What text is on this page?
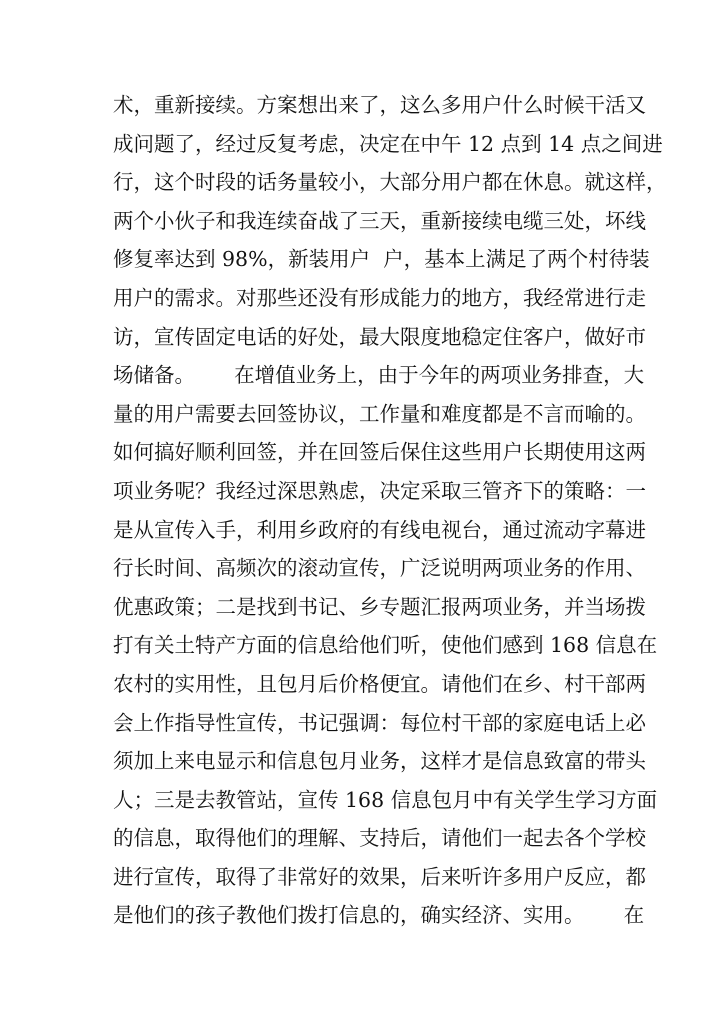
术，重新接续。方案想出来了，这么多用户什么时候干活又
成问题了，经过反复考虑，决定在中午 12 点到 14 点之间进
行，这个时段的话务量较小，大部分用户都在休息。就这样，
两个小伙子和我连续奋战了三天，重新接续电缆三处，坏线
修复率达到 98%，新装用户  户，基本上满足了两个村待装
用户的需求。对那些还没有形成能力的地方，我经常进行走
访，宣传固定电话的好处，最大限度地稳定住客户，做好市
场储备。      在增值业务上，由于今年的两项业务排查，大
量的用户需要去回签协议，工作量和难度都是不言而喻的。
如何搞好顺利回签，并在回签后保住这些用户长期使用这两
项业务呢？我经过深思熟虑，决定采取三管齐下的策略：一
是从宣传入手，利用乡政府的有线电视台，通过流动字幕进
行长时间、高频次的滚动宣传，广泛说明两项业务的作用、
优惠政策；二是找到书记、乡专题汇报两项业务，并当场拨
打有关土特产方面的信息给他们听，使他们感到 168 信息在
农村的实用性，且包月后价格便宜。请他们在乡、村干部两
会上作指导性宣传，书记强调：每位村干部的家庭电话上必
须加上来电显示和信息包月业务，这样才是信息致富的带头
人；三是去教管站，宣传 168 信息包月中有关学生学习方面
的信息，取得他们的理解、支持后，请他们一起去各个学校
进行宣传，取得了非常好的效果，后来听许多用户反应，都
是他们的孩子教他们拨打信息的，确实经济、实用。      在
